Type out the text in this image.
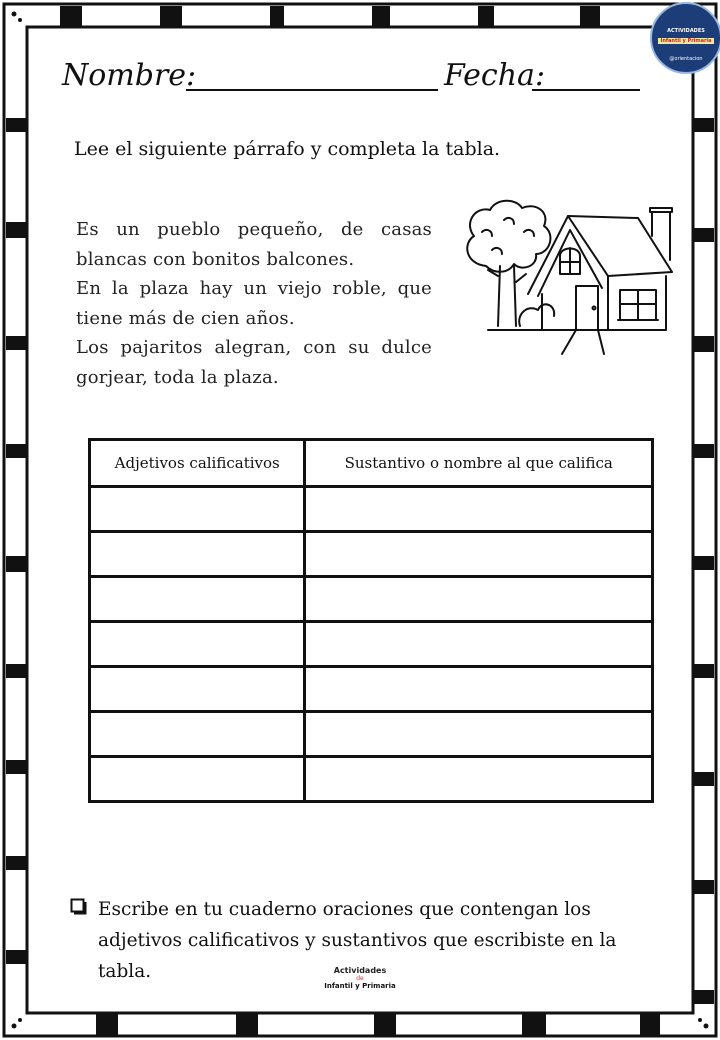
ACTIVIDADES
Infantil y Primaria
@orientacion
Nombre:	Fecha:
Lee el siguiente párrafo y completa la tabla.

Es un pueblo pequeño, de casas blancas con bonitos balcones.

En la plaza hay un viejo roble, que tiene más de cien años.

Los pajaritos alegran, con su dulce gorjear, toda la plaza.

Adjetivos calificativos	Sustantivo o nombre al que califica

Escribe en tu cuaderno oraciones que contengan los adjetivos calificativos y sustantivos que escribiste en la tabla.	Actividades
de
Infantil y Primaria
